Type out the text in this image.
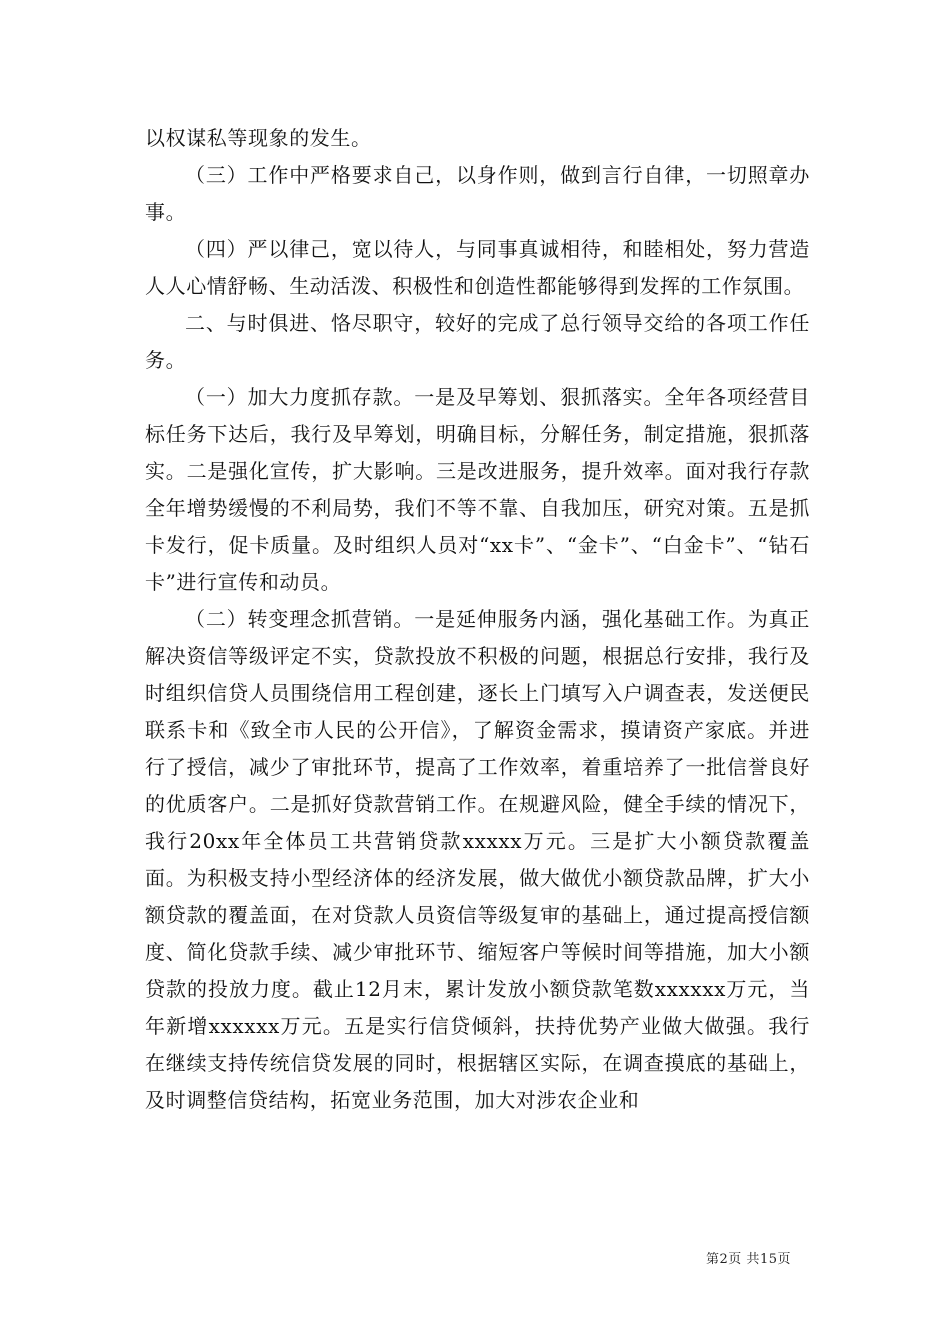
以权谋私等现象的发生。

（三）工作中严格要求自己，以身作则，做到言行自律，一切照章办事。

（四）严以律己，宽以待人，与同事真诚相待，和睦相处，努力营造人人心情舒畅、生动活泼、积极性和创造性都能够得到发挥的工作氛围。

二、与时俱进、恪尽职守，较好的完成了总行领导交给的各项工作任务。

（一）加大力度抓存款。一是及早筹划、狠抓落实。全年各项经营目标任务下达后，我行及早筹划，明确目标，分解任务，制定措施，狠抓落实。二是强化宣传，扩大影响。三是改进服务，提升效率。面对我行存款全年增势缓慢的不利局势，我们不等不靠、自我加压，研究对策。五是抓卡发行，促卡质量。及时组织人员对“xx卡”、“金卡”、“白金卡”、“钻石卡”进行宣传和动员。

（二）转变理念抓营销。一是延伸服务内涵，强化基础工作。为真正解决资信等级评定不实，贷款投放不积极的问题，根据总行安排，我行及时组织信贷人员围绕信用工程创建，逐长上门填写入户调查表，发送便民联系卡和《致全市人民的公开信》，了解资金需求，摸请资产家底。并进行了授信，减少了审批环节，提高了工作效率，着重培养了一批信誉良好的优质客户。二是抓好贷款营销工作。在规避风险，健全手续的情况下，我行20xx年全体员工共营销贷款xxxxx万元。三是扩大小额贷款覆盖面。为积极支持小型经济体的经济发展，做大做优小额贷款品牌，扩大小额贷款的覆盖面，在对贷款人员资信等级复审的基础上，通过提高授信额度、简化贷款手续、减少审批环节、缩短客户等候时间等措施，加大小额贷款的投放力度。截止12月末，累计发放小额贷款笔数xxxxxx万元，当年新增xxxxxx万元。五是实行信贷倾斜，扶持优势产业做大做强。我行在继续支持传统信贷发展的同时，根据辖区实际，在调查摸底的基础上，及时调整信贷结构，拓宽业务范围，加大对涉农企业和

第2页 共15页
